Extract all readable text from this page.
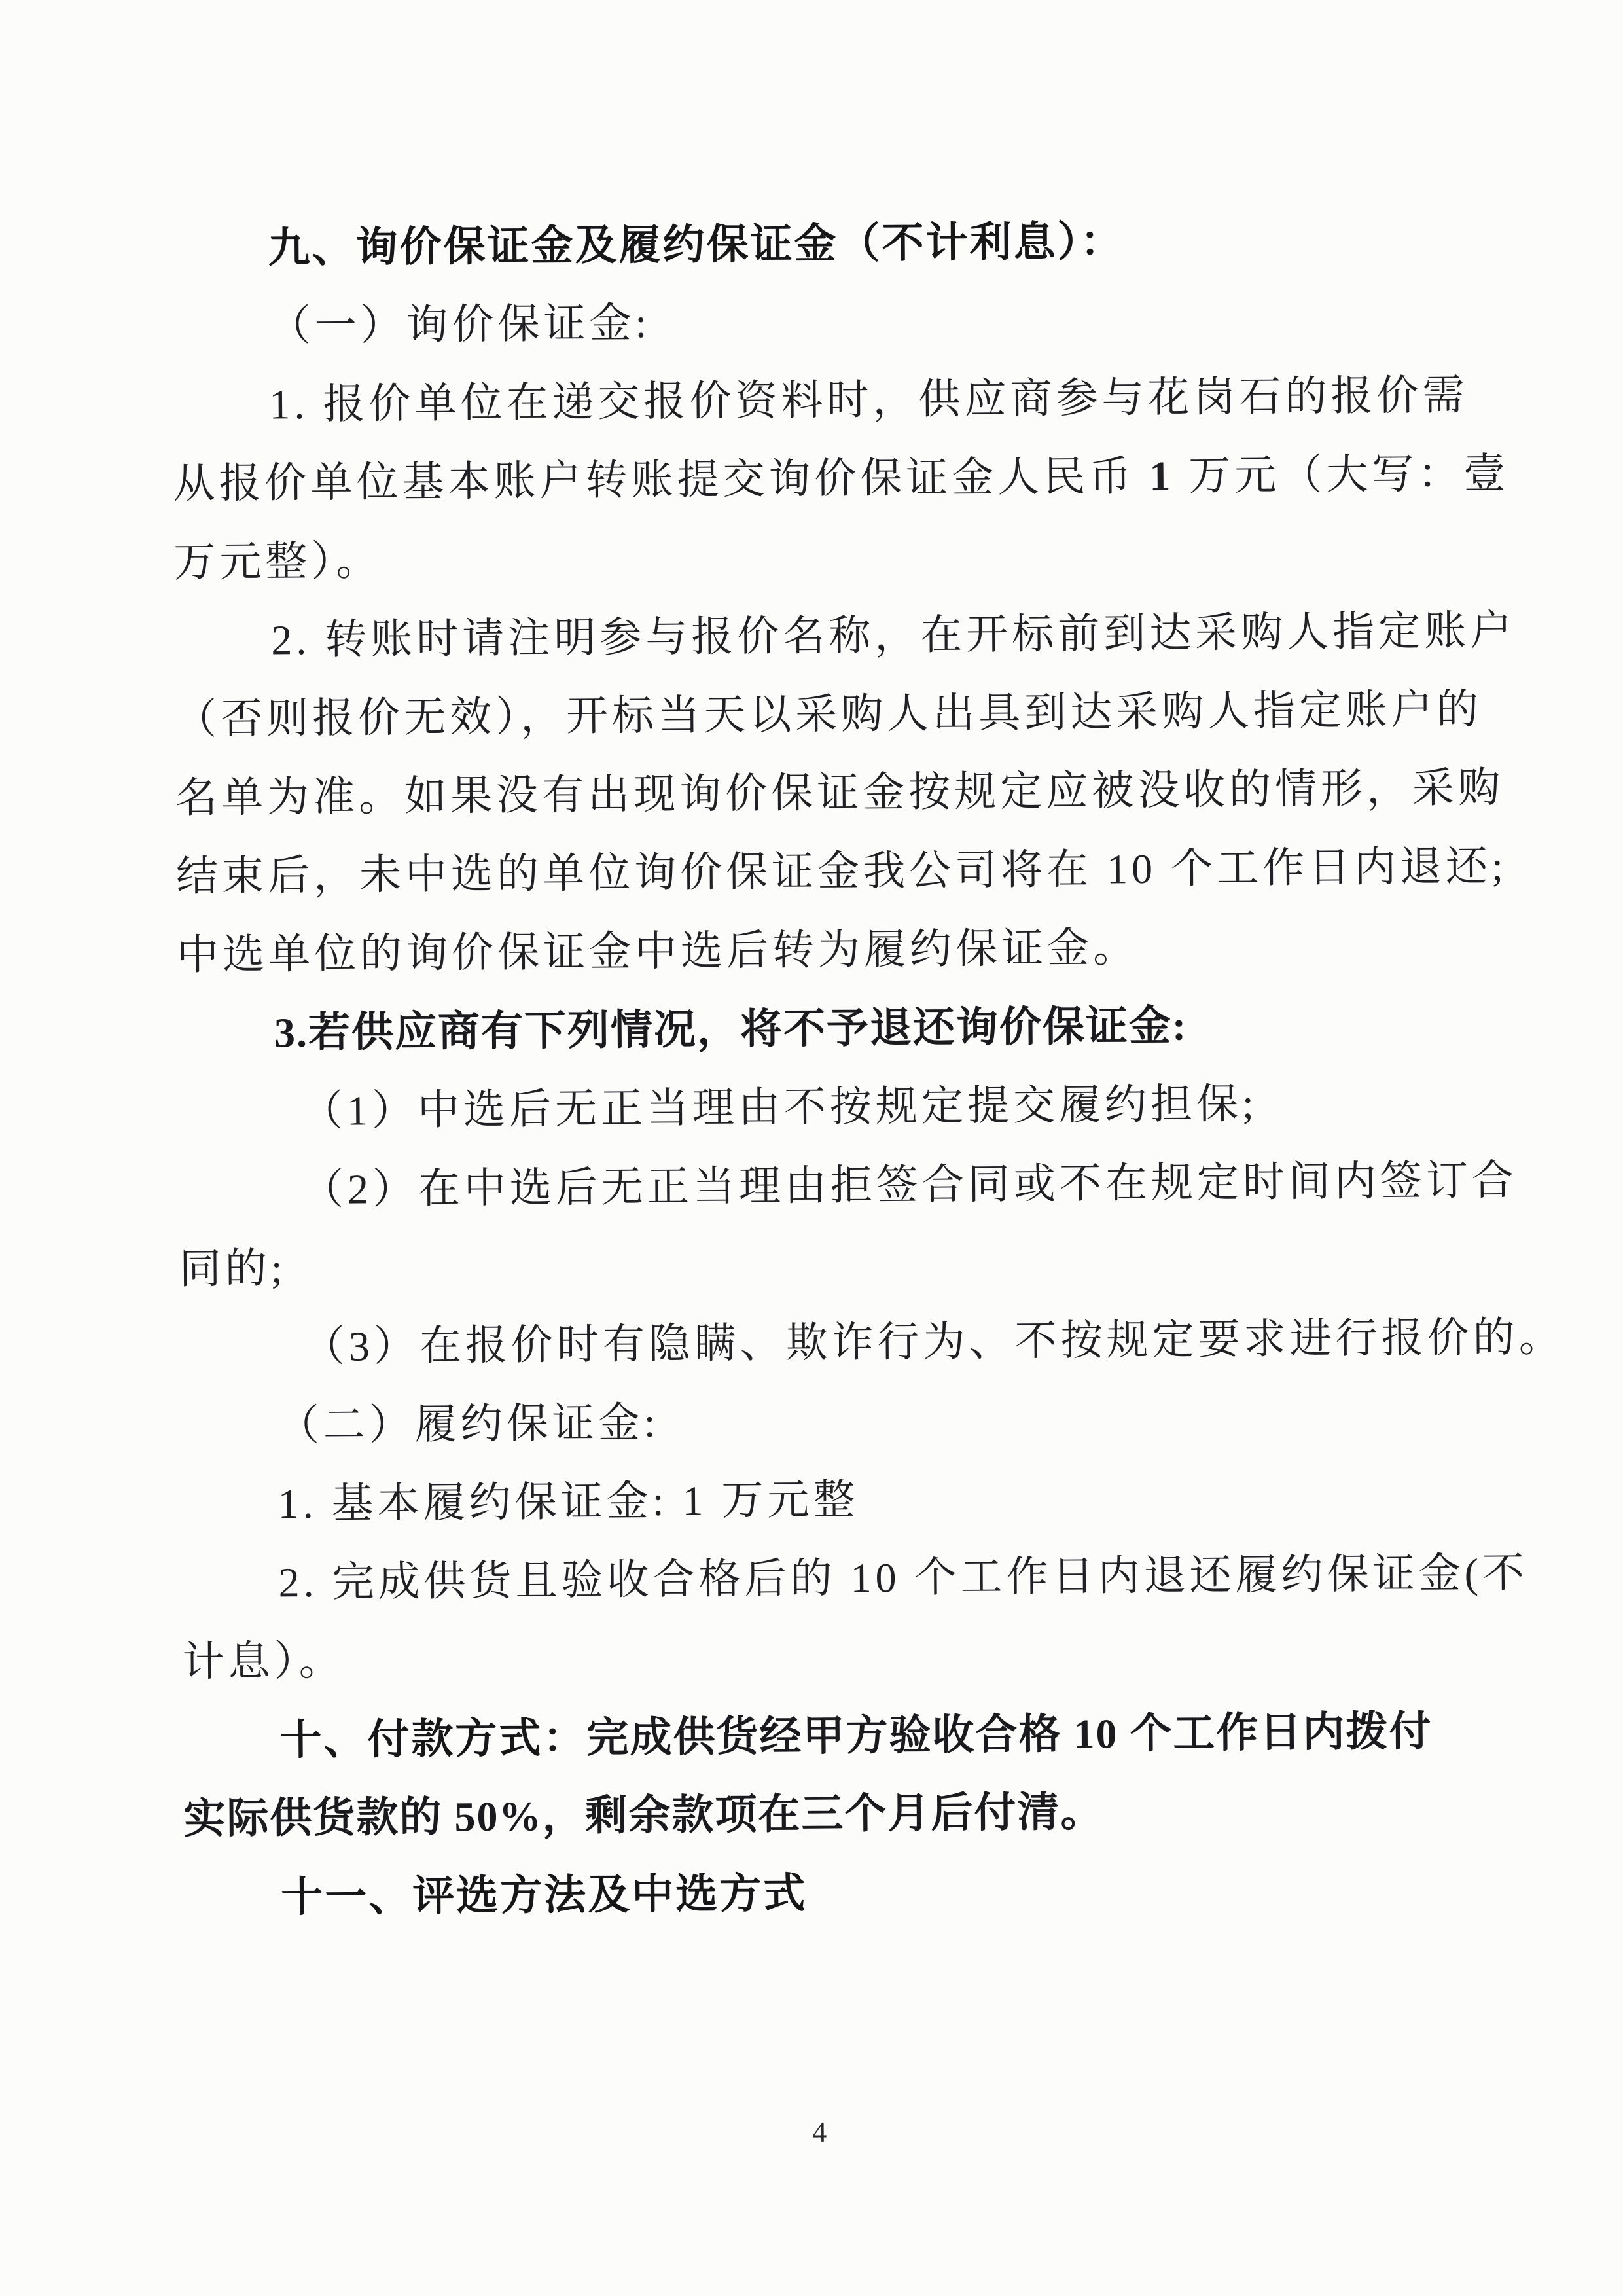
九、询价保证金及履约保证金（不计利息）：

（一）询价保证金:

1. 报价单位在递交报价资料时，供应商参与花岗石的报价需

从报价单位基本账户转账提交询价保证金人民币 1 万元（大写：壹

万元整）。

2. 转账时请注明参与报价名称，在开标前到达采购人指定账户

（否则报价无效），开标当天以采购人出具到达采购人指定账户的

名单为准。如果没有出现询价保证金按规定应被没收的情形，采购

结束后，未中选的单位询价保证金我公司将在 10 个工作日内退还;

中选单位的询价保证金中选后转为履约保证金。

3.若供应商有下列情况，将不予退还询价保证金:

（1）中选后无正当理由不按规定提交履约担保;

（2）在中选后无正当理由拒签合同或不在规定时间内签订合

同的;

（3）在报价时有隐瞒、欺诈行为、不按规定要求进行报价的。

（二）履约保证金:

1. 基本履约保证金: 1 万元整

2. 完成供货且验收合格后的 10 个工作日内退还履约保证金(不

计息）。

十、付款方式：完成供货经甲方验收合格 10 个工作日内拨付

实际供货款的 50%，剩余款项在三个月后付清。

十一、评选方法及中选方式

4
